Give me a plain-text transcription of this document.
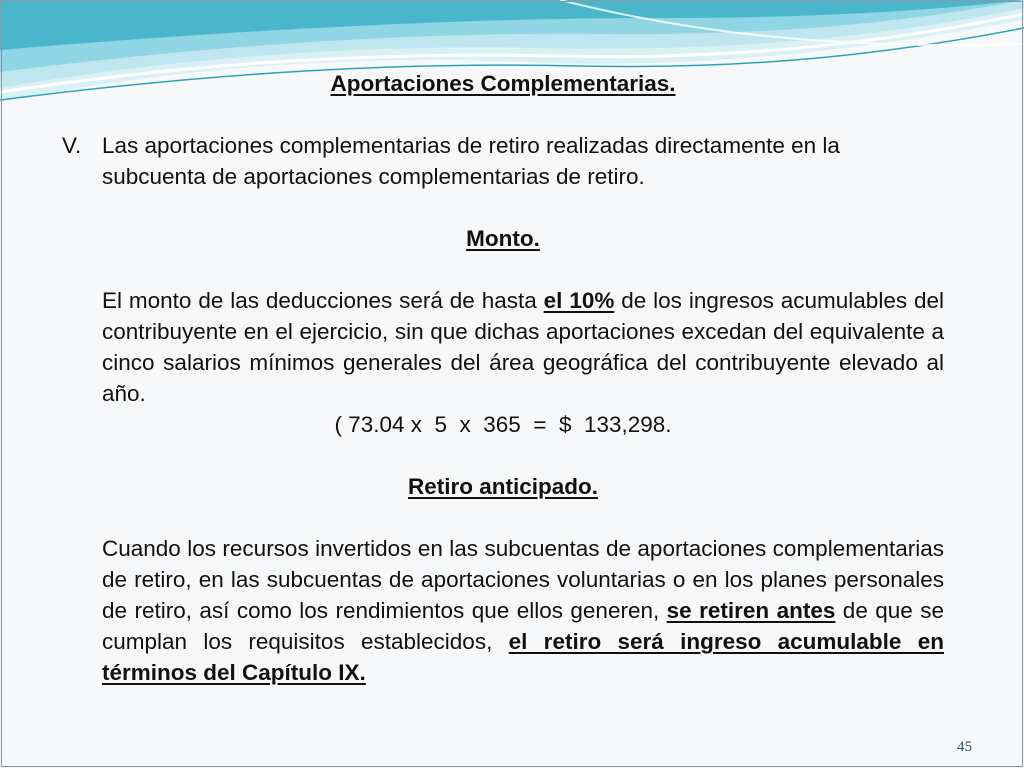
Aportaciones Complementarias.
V. Las aportaciones complementarias de retiro realizadas directamente en la subcuenta de aportaciones complementarias de retiro.
Monto.
El monto de las deducciones será de hasta el 10% de los ingresos acumulables del contribuyente en el ejercicio, sin que dichas aportaciones excedan del equivalente a cinco salarios mínimos generales del área geográfica del contribuyente elevado al año.
( 73.04 x  5  x  365  =  $  133,298.
Retiro anticipado.
Cuando los recursos invertidos en las subcuentas de aportaciones complementarias de retiro, en las subcuentas de aportaciones voluntarias o en los planes personales de retiro, así como los rendimientos que ellos generen, se retiren antes de que se cumplan los requisitos establecidos, el retiro será ingreso acumulable en términos del Capítulo IX.
45
